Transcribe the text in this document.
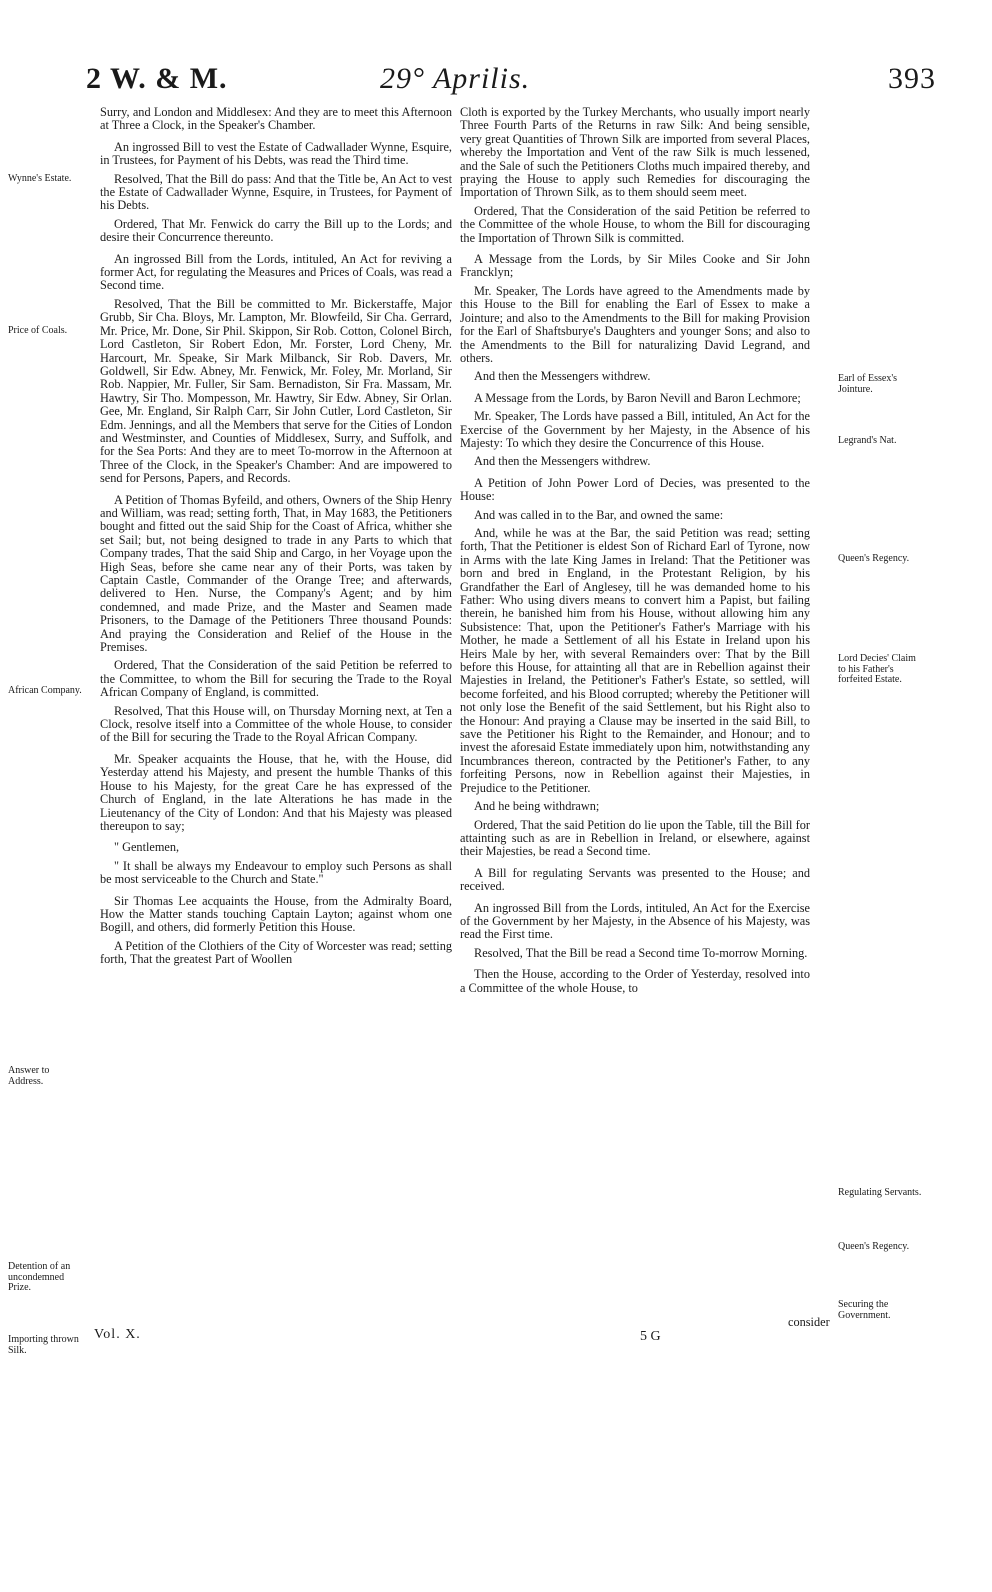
2 W. & M.	29° Aprilis.	393

Surry, and London and Middlesex: And they are to meet this Afternoon at Three a Clock, in the Speaker's Chamber.

An ingrossed Bill to vest the Estate of Cadwallader Wynne, Esquire, in Trustees, for Payment of his Debts, was read the Third time.

Resolved, That the Bill do pass: And that the Title be, An Act to vest the Estate of Cadwallader Wynne, Esquire, in Trustees, for Payment of his Debts.

Ordered, That Mr. Fenwick do carry the Bill up to the Lords; and desire their Concurrence thereunto.

An ingrossed Bill from the Lords, intituled, An Act for reviving a former Act, for regulating the Measures and Prices of Coals, was read a Second time.

Resolved, That the Bill be committed to Mr. Bickerstaffe, Major Grubb, Sir Cha. Bloys, Mr. Lampton, Mr. Blowfeild, Sir Cha. Gerrard, Mr. Price, Mr. Done, Sir Phil. Skippon, Sir Rob. Cotton, Colonel Birch, Lord Castleton, Sir Robert Edon, Mr. Forster, Lord Cheny, Mr. Harcourt, Mr. Speake, Sir Mark Milbanck, Sir Rob. Davers, Mr. Goldwell, Sir Edw. Abney, Mr. Fenwick, Mr. Foley, Mr. Morland, Sir Rob. Nappier, Mr. Fuller, Sir Sam. Bernadiston, Sir Fra. Massam, Mr. Hawtry, Sir Tho. Mompesson, Mr. Hawtry, Sir Edw. Abney, Sir Orlan. Gee, Mr. England, Sir Ralph Carr, Sir John Cutler, Lord Castleton, Sir Edm. Jennings, and all the Members that serve for the Cities of London and Westminster, and Counties of Middlesex, Surry, and Suffolk, and for the Sea Ports: And they are to meet To-morrow in the Afternoon at Three of the Clock, in the Speaker's Chamber: And are impowered to send for Persons, Papers, and Records.

A Petition of Thomas Byfeild, and others, Owners of the Ship Henry and William, was read; setting forth, That, in May 1683, the Petitioners bought and fitted out the said Ship for the Coast of Africa, whither she set Sail; but, not being designed to trade in any Parts to which that Company trades, That the said Ship and Cargo, in her Voyage upon the High Seas, before she came near any of their Ports, was taken by Captain Castle, Commander of the Orange Tree; and afterwards, delivered to Hen. Nurse, the Company's Agent; and by him condemned, and made Prize, and the Master and Seamen made Prisoners, to the Damage of the Petitioners Three thousand Pounds: And praying the Consideration and Relief of the House in the Premises.

Ordered, That the Consideration of the said Petition be referred to the Committee, to whom the Bill for securing the Trade to the Royal African Company of England, is committed.

Resolved, That this House will, on Thursday Morning next, at Ten a Clock, resolve itself into a Committee of the whole House, to consider of the Bill for securing the Trade to the Royal African Company.

Mr. Speaker acquaints the House, that he, with the House, did Yesterday attend his Majesty, and present the humble Thanks of this House to his Majesty, for the great Care he has expressed of the Church of England, in the late Alterations he has made in the Lieutenancy of the City of London: And that his Majesty was pleased thereupon to say;

" Gentlemen,

" It shall be always my Endeavour to employ such Persons as shall be most serviceable to the Church and State."

Sir Thomas Lee acquaints the House, from the Admiralty Board, How the Matter stands touching Captain Layton; against whom one Bogill, and others, did formerly Petition this House.

A Petition of the Clothiers of the City of Worcester was read; setting forth, That the greatest Part of Woollen

Cloth is exported by the Turkey Merchants, who usually import nearly Three Fourth Parts of the Returns in raw Silk: And being sensible, very great Quantities of Thrown Silk are imported from several Places, whereby the Importation and Vent of the raw Silk is much lessened, and the Sale of such the Petitioners Cloths much impaired thereby, and praying the House to apply such Remedies for discouraging the Importation of Thrown Silk, as to them should seem meet.

Ordered, That the Consideration of the said Petition be referred to the Committee of the whole House, to whom the Bill for discouraging the Importation of Thrown Silk is committed.

A Message from the Lords, by Sir Miles Cooke and Sir John Francklyn;

Mr. Speaker, The Lords have agreed to the Amendments made by this House to the Bill for enabling the Earl of Essex to make a Jointure; and also to the Amendments to the Bill for making Provision for the Earl of Shaftsburye's Daughters and younger Sons; and also to the Amendments to the Bill for naturalizing David Legrand, and others.

And then the Messengers withdrew.

A Message from the Lords, by Baron Nevill and Baron Lechmore;

Mr. Speaker, The Lords have passed a Bill, intituled, An Act for the Exercise of the Government by her Majesty, in the Absence of his Majesty: To which they desire the Concurrence of this House.

And then the Messengers withdrew.

A Petition of John Power Lord of Decies, was presented to the House:

And was called in to the Bar, and owned the same:

And, while he was at the Bar, the said Petition was read; setting forth, That the Petitioner is eldest Son of Richard Earl of Tyrone, now in Arms with the late King James in Ireland: That the Petitioner was born and bred in England, in the Protestant Religion, by his Grandfather the Earl of Anglesey, till he was demanded home to his Father: Who using divers means to convert him a Papist, but failing therein, he banished him from his House, without allowing him any Subsistence: That, upon the Petitioner's Father's Marriage with his Mother, he made a Settlement of all his Estate in Ireland upon his Heirs Male by her, with several Remainders over: That by the Bill before this House, for attainting all that are in Rebellion against their Majesties in Ireland, the Petitioner's Father's Estate, so settled, will become forfeited, and his Blood corrupted; whereby the Petitioner will not only lose the Benefit of the said Settlement, but his Right also to the Honour: And praying a Clause may be inserted in the said Bill, to save the Petitioner his Right to the Remainder, and Honour; and to invest the aforesaid Estate immediately upon him, notwithstanding any Incumbrances thereon, contracted by the Petitioner's Father, to any forfeiting Persons, now in Rebellion against their Majesties, in Prejudice to the Petitioner.

And he being withdrawn;

Ordered, That the said Petition do lie upon the Table, till the Bill for attainting such as are in Rebellion in Ireland, or elsewhere, against their Majesties, be read a Second time.

A Bill for regulating Servants was presented to the House; and received.

An ingrossed Bill from the Lords, intituled, An Act for the Exercise of the Government by her Majesty, in the Absence of his Majesty, was read the First time.

Resolved, That the Bill be read a Second time To-morrow Morning.

Then the House, according to the Order of Yesterday, resolved into a Committee of the whole House, to

Wynne's Estate.
Price of Coals.
African Company.
Answer to Address.
Detention of an uncondemned Prize.
Importing thrown Silk.
Earl of Essex's Jointure.
Legrand's Nat.
Queen's Regency.
Lord Decies' Claim to his Father's forfeited Estate.
Regulating Servants.
Queen's Regency.
Securing the Government.
Vol. X.	5 G
consider
